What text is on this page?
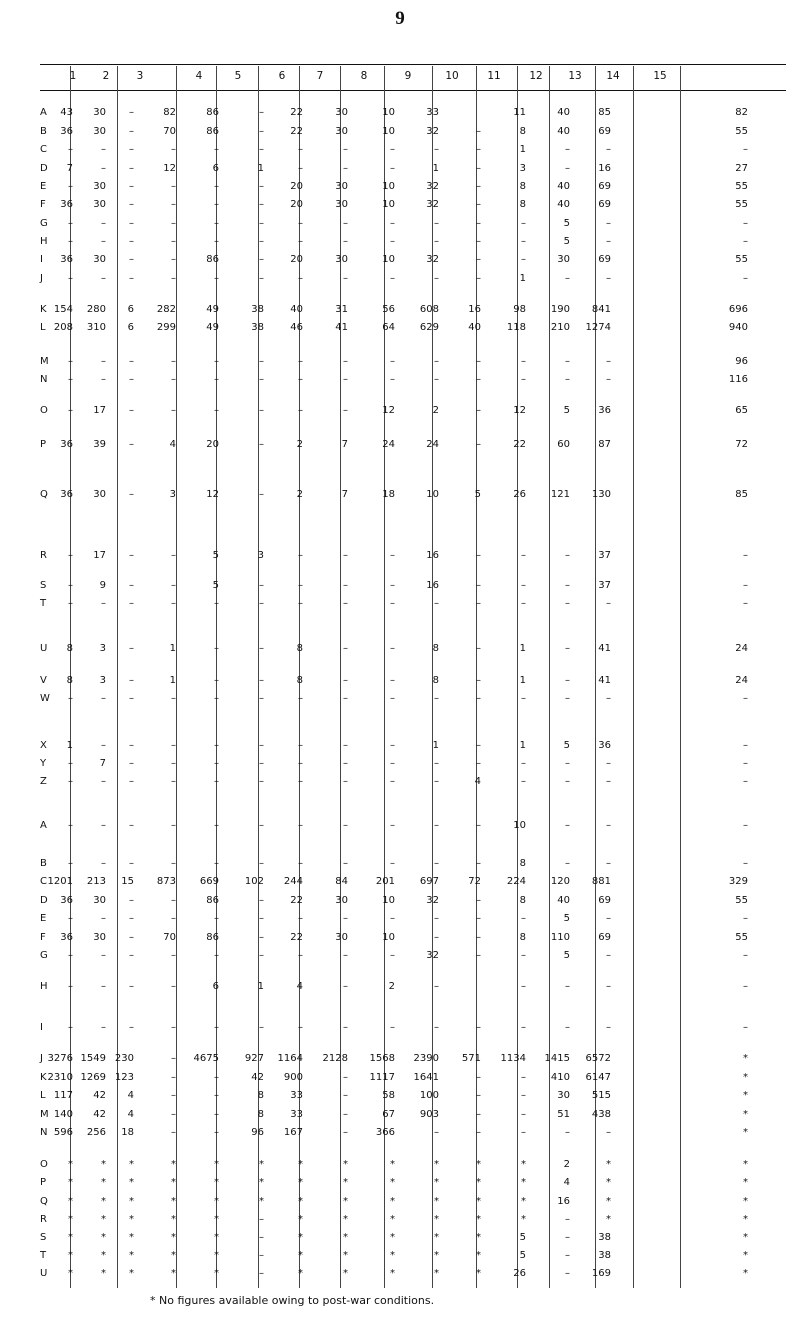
9
1	2	3	4	5	6	7	8	9	10	11	12	13	14	15
A	43	30	–	82	86	–	22	30	10	33	11	40	85	82
B	36	30	–	70	86	–	22	30	10	32	–	8	40	69	55
C	–	–	–	–	–	–	–	–	–	–	–	1	–	–	–
D	7	–	–	12	6	1	–	–	–	1	–	3	–	16	27
E	–	30	–	–	–	–	20	30	10	32	–	8	40	69	55
F	36	30	–	–	–	–	20	30	10	32	–	8	40	69	55
G	–	–	–	–	–	–	–	–	–	–	–	–	5	–	–
H	–	–	–	–	–	–	–	–	–	–	–	–	5	–	–
I	36	30	–	–	86	–	20	30	10	32	–	–	30	69	55
J	–	–	–	–	–	–	–	–	–	–	–	1	–	–	–
K 154	280	6	282	49	38	40	31	56	608	16	98	190	841	696
L 208	310	6	299	49	38	46	41	64	629	40	118	210	1274	940
M	–	–	–	–	–	–	–	–	–	–	–	–	–	–	96
N	–	–	–	–	–	–	–	–	–	–	–	–	–	–	116
O	–	17	–	–	–	–	–	–	12	2	–	12	5	36	65
P	36	39	–	4	20	–	2	7	24	24	–	22	60	87	72
Q	36	30	–	3	12	–	2	7	18	10	5	26	121	130	85
R	–	17	–	–	5	3	–	–	–	16	–	–	–	37	–
S	–	9	–	–	5	–	–	–	–	16	–	–	–	37	–
T	–	–	–	–	–	–	–	–	–	–	–	–	–	–	–
U	8	3	–	1	–	–	8	–	–	8	–	1	–	41	24
V	8	3	–	1	–	–	8	–	–	8	–	1	–	41	24
W	–	–	–	–	–	–	–	–	–	–	–	–	–	–	–
X	1	–	–	–	–	–	–	–	–	1	–	1	5	36	–
Y	–	7	–	–	–	–	–	–	–	–	–	–	–	–	–
Z	–	–	–	–	–	–	–	–	–	–	4	–	–	–	–
A	–	–	–	–	–	–	–	–	–	–	–	10	–	–	–
B	–	–	–	–	–	–	–	–	–	–	–	8	–	–	–
C 1201	213	15	873	669	102	244	84	201	697	72	224	120	881	329
D	36	30	–	–	86	–	22	30	10	32	–	8	40	69	55
E	–	–	–	–	–	–	–	–	–	–	–	–	5	–	–
F	36	30	–	70	86	–	22	30	10	–	–	8	110	69	55
G	–	–	–	–	–	–	–	–	–	32	–	–	5	–	–
H	–	–	–	–	6	1	4	–	2	–	–	–	–	–
I	–	–	–	–	–	–	–	–	–	–	–	–	–	–	–
J 3276 1549 230	–	4675	927	1164	2128	1568	2390	571	1134	1415	6572	*
K 2310 1269 123	–	–	42	900	–	1117	1641	–	–	410	6147	*
L 117	42	4	–	–	8	33	–	58	100	–	–	30	515	*
M 140	42	4	–	–	8	33	–	67	903	–	–	51	438	*
N 596	256	18	–	–	96	167	–	366	–	–	–	–	–	*
O	*	*	*	*	*	*	*	*	*	*	*	*	2	*	*
P	*	*	*	*	*	*	*	*	*	*	*	*	4	*	*
Q	*	*	*	*	*	*	*	*	*	*	*	*	16	*	*
R	*	*	*	*	*	–	*	*	*	*	*	*	–	*	*
S	*	*	*	*	*	–	*	*	*	*	*	5	–	38	*
T	*	*	*	*	*	–	*	*	*	*	*	5	–	38	*
U	*	*	*	*	*	–	*	*	*	*	*	26	–	169	*
* No figures available owing to post-war conditions.
